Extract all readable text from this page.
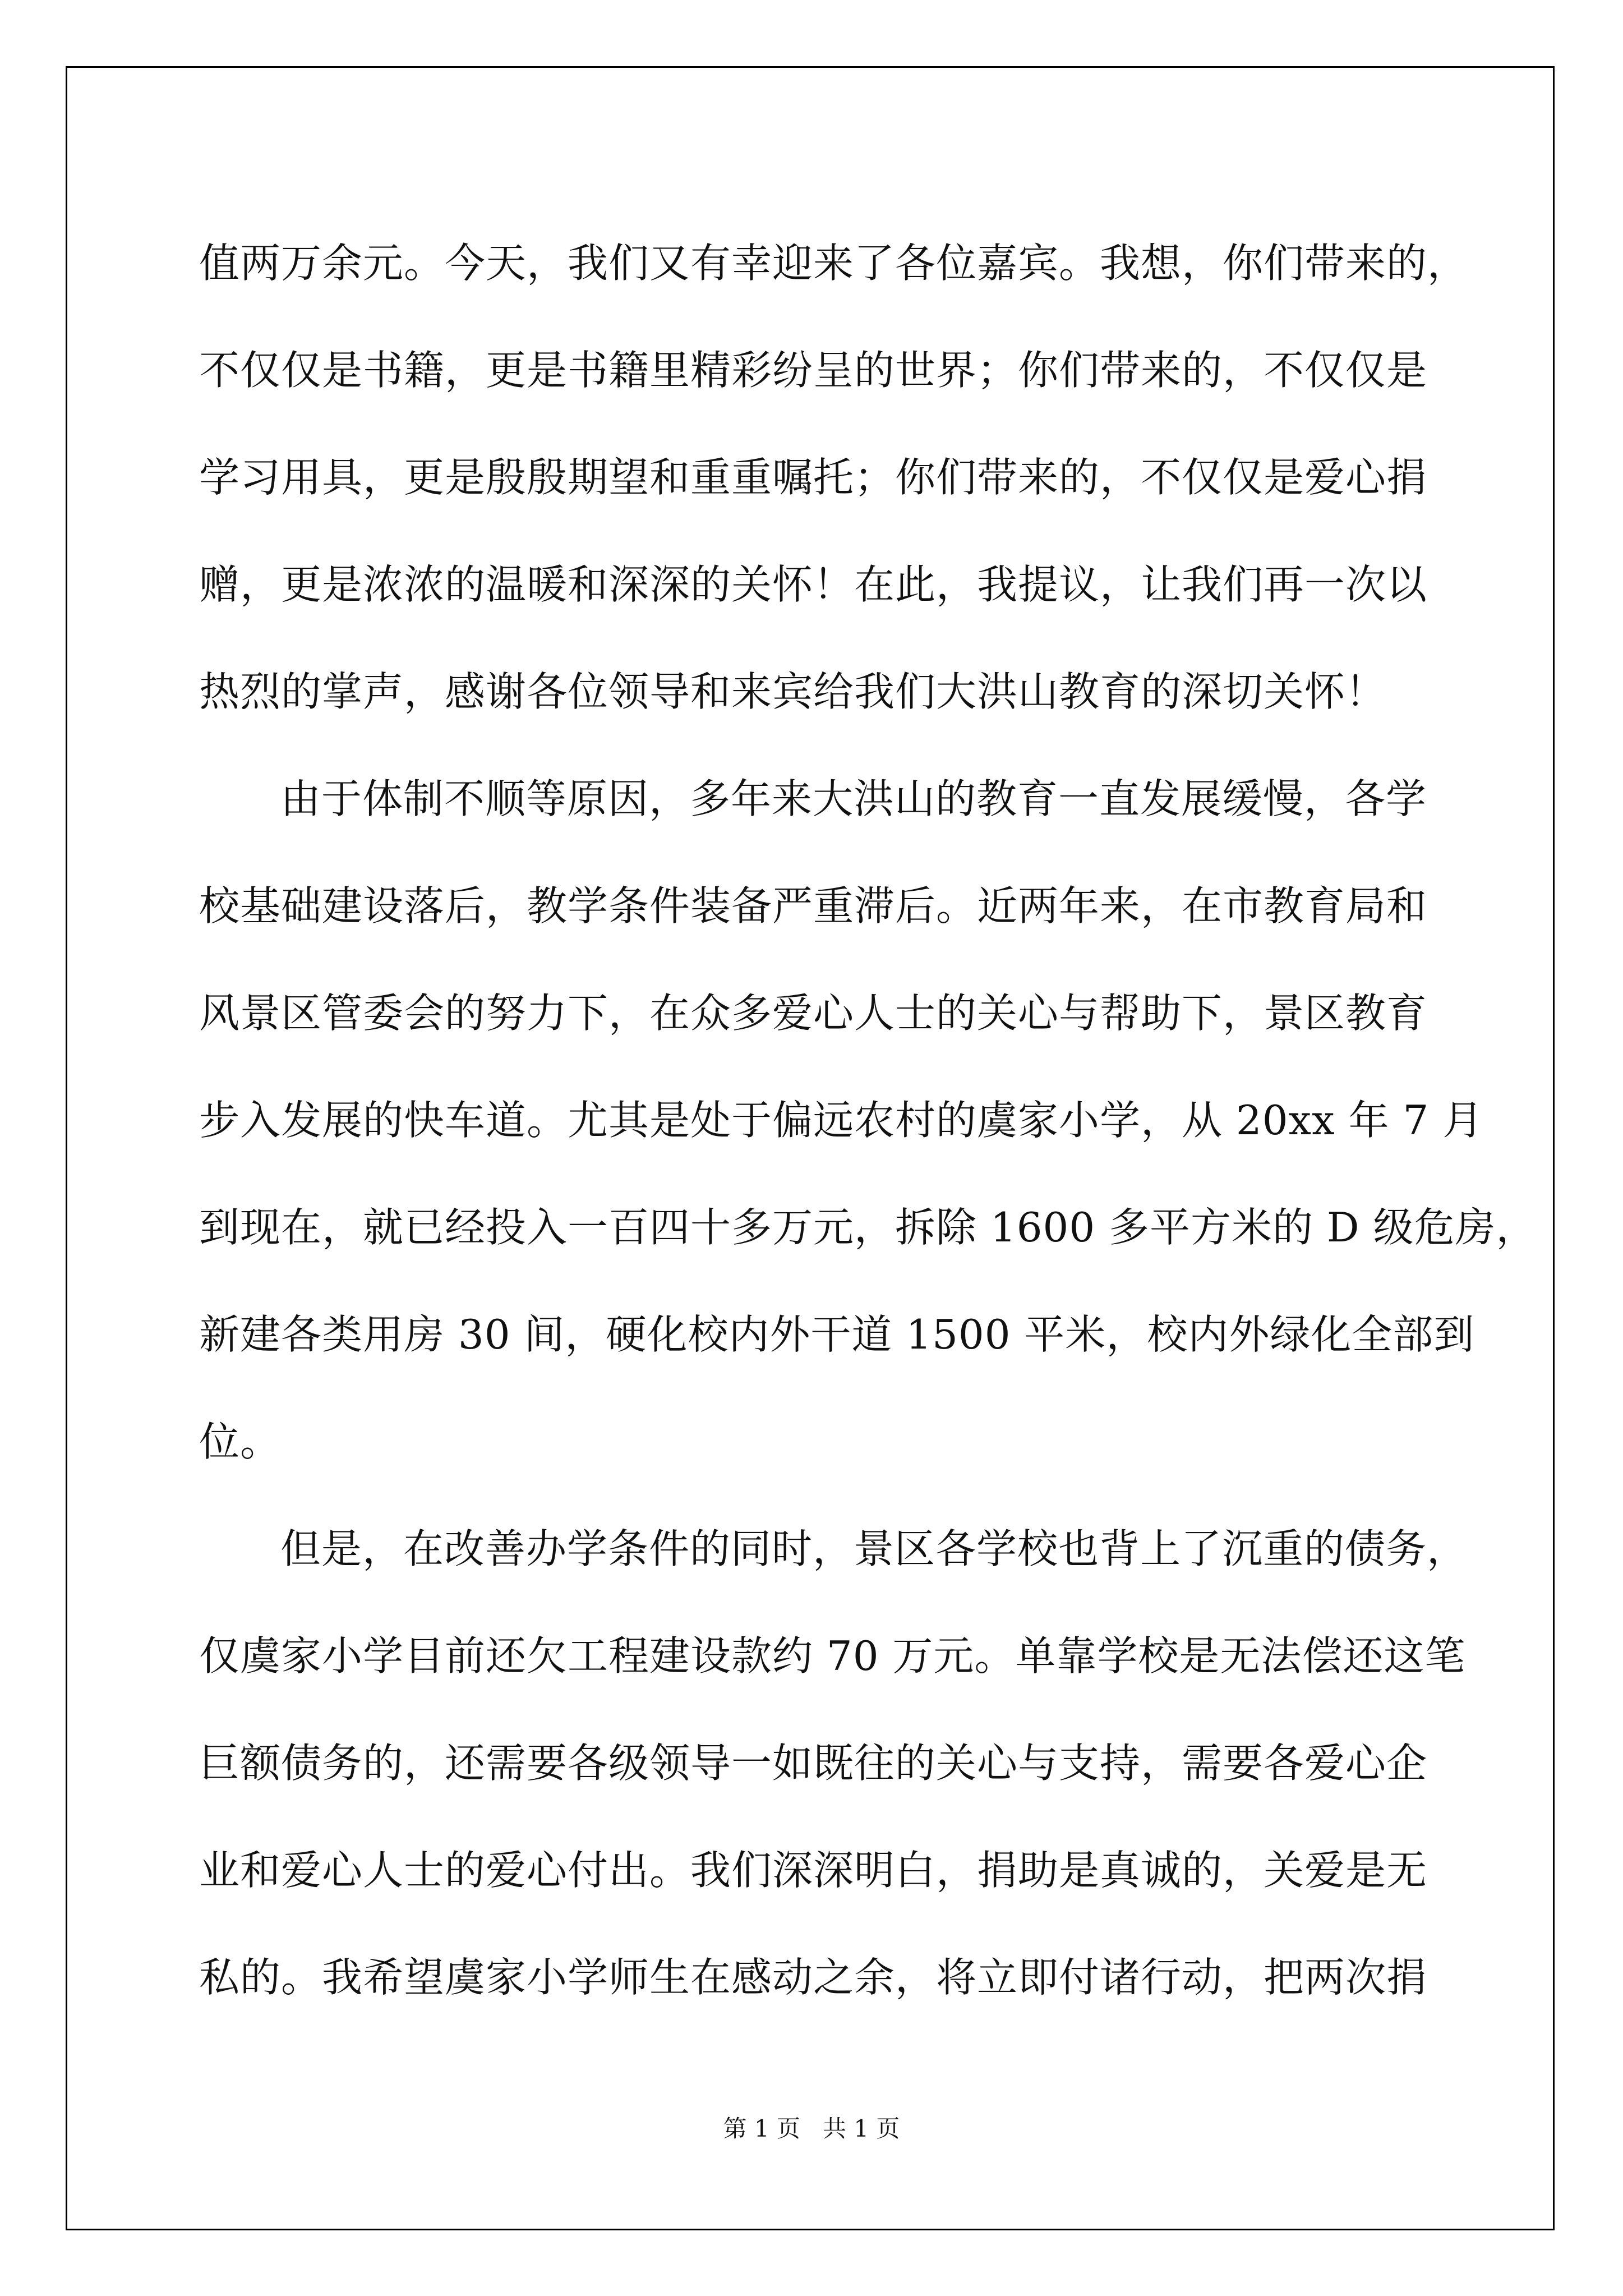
值两万余元。今天，我们又有幸迎来了各位嘉宾。我想，你们带来的，
不仅仅是书籍，更是书籍里精彩纷呈的世界；你们带来的，不仅仅是
学习用具，更是殷殷期望和重重嘱托；你们带来的，不仅仅是爱心捐
赠，更是浓浓的温暖和深深的关怀！在此，我提议，让我们再一次以
热烈的掌声，感谢各位领导和来宾给我们大洪山教育的深切关怀！
由于体制不顺等原因，多年来大洪山的教育一直发展缓慢，各学
校基础建设落后，教学条件装备严重滞后。近两年来，在市教育局和
风景区管委会的努力下，在众多爱心人士的关心与帮助下，景区教育
步入发展的快车道。尤其是处于偏远农村的虞家小学，从 20xx 年 7 月
到现在，就已经投入一百四十多万元，拆除 1600 多平方米的 D 级危房，
新建各类用房 30 间，硬化校内外干道 1500 平米，校内外绿化全部到
位。
但是，在改善办学条件的同时，景区各学校也背上了沉重的债务，
仅虞家小学目前还欠工程建设款约 70 万元。单靠学校是无法偿还这笔
巨额债务的，还需要各级领导一如既往的关心与支持，需要各爱心企
业和爱心人士的爱心付出。我们深深明白，捐助是真诚的，关爱是无
私的。我希望虞家小学师生在感动之余，将立即付诸行动，把两次捐
第 1 页 共 1 页
